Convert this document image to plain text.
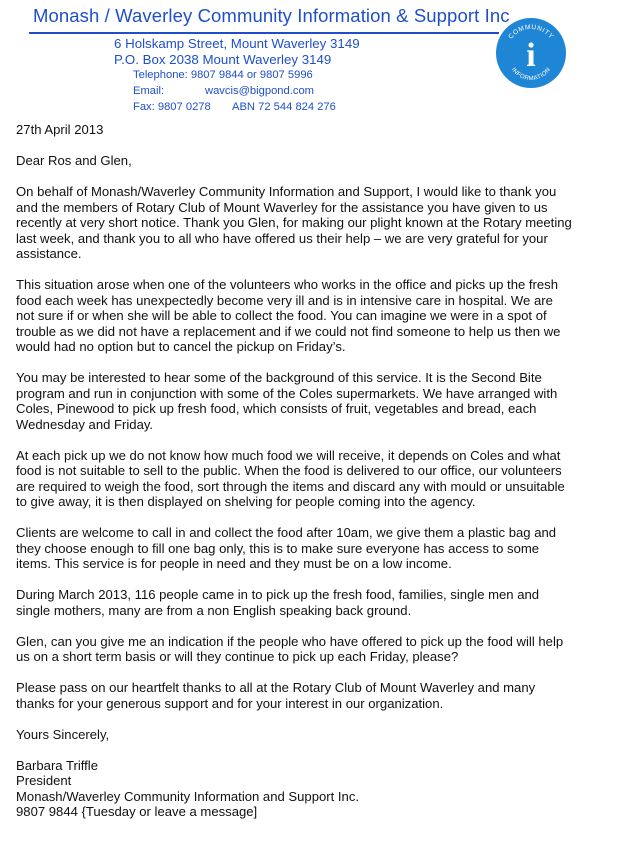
Monash / Waverley Community Information & Support Inc
6 Holskamp Street, Mount Waverley 3149
P.O. Box 2038 Mount Waverley 3149
Telephone: 9807 9844 or 9807 5996
Email:	wavcis@bigpond.com
Fax: 9807 0278 ABN 72 544 824 276
COMMUNITY
INFORMATION
i

27th April 2013

Dear Ros and Glen,

On behalf of Monash/Waverley Community Information and Support, I would like to thank you

and the members of Rotary Club of Mount Waverley for the assistance you have given to us

recently at very short notice. Thank you Glen, for making our plight known at the Rotary meeting

last week, and thank you to all who have offered us their help – we are very grateful for your

assistance.

This situation arose when one of the volunteers who works in the office and picks up the fresh

food each week has unexpectedly become very ill and is in intensive care in hospital. We are

not sure if or when she will be able to collect the food. You can imagine we were in a spot of

trouble as we did not have a replacement and if we could not find someone to help us then we

would had no option but to cancel the pickup on Friday’s.

You may be interested to hear some of the background of this service. It is the Second Bite

program and run in conjunction with some of the Coles supermarkets. We have arranged with

Coles, Pinewood to pick up fresh food, which consists of fruit, vegetables and bread, each

Wednesday and Friday.

At each pick up we do not know how much food we will receive, it depends on Coles and what

food is not suitable to sell to the public. When the food is delivered to our office, our volunteers

are required to weigh the food, sort through the items and discard any with mould or unsuitable

to give away, it is then displayed on shelving for people coming into the agency.

Clients are welcome to call in and collect the food after 10am, we give them a plastic bag and

they choose enough to fill one bag only, this is to make sure everyone has access to some

items. This service is for people in need and they must be on a low income.

During March 2013, 116 people came in to pick up the fresh food, families, single men and

single mothers, many are from a non English speaking back ground.

Glen, can you give me an indication if the people who have offered to pick up the food will help

us on a short term basis or will they continue to pick up each Friday, please?

Please pass on our heartfelt thanks to all at the Rotary Club of Mount Waverley and many

thanks for your generous support and for your interest in our organization.

Yours Sincerely,

Barbara Triffle

President

Monash/Waverley Community Information and Support Inc.

9807 9844 {Tuesday or leave a message]
